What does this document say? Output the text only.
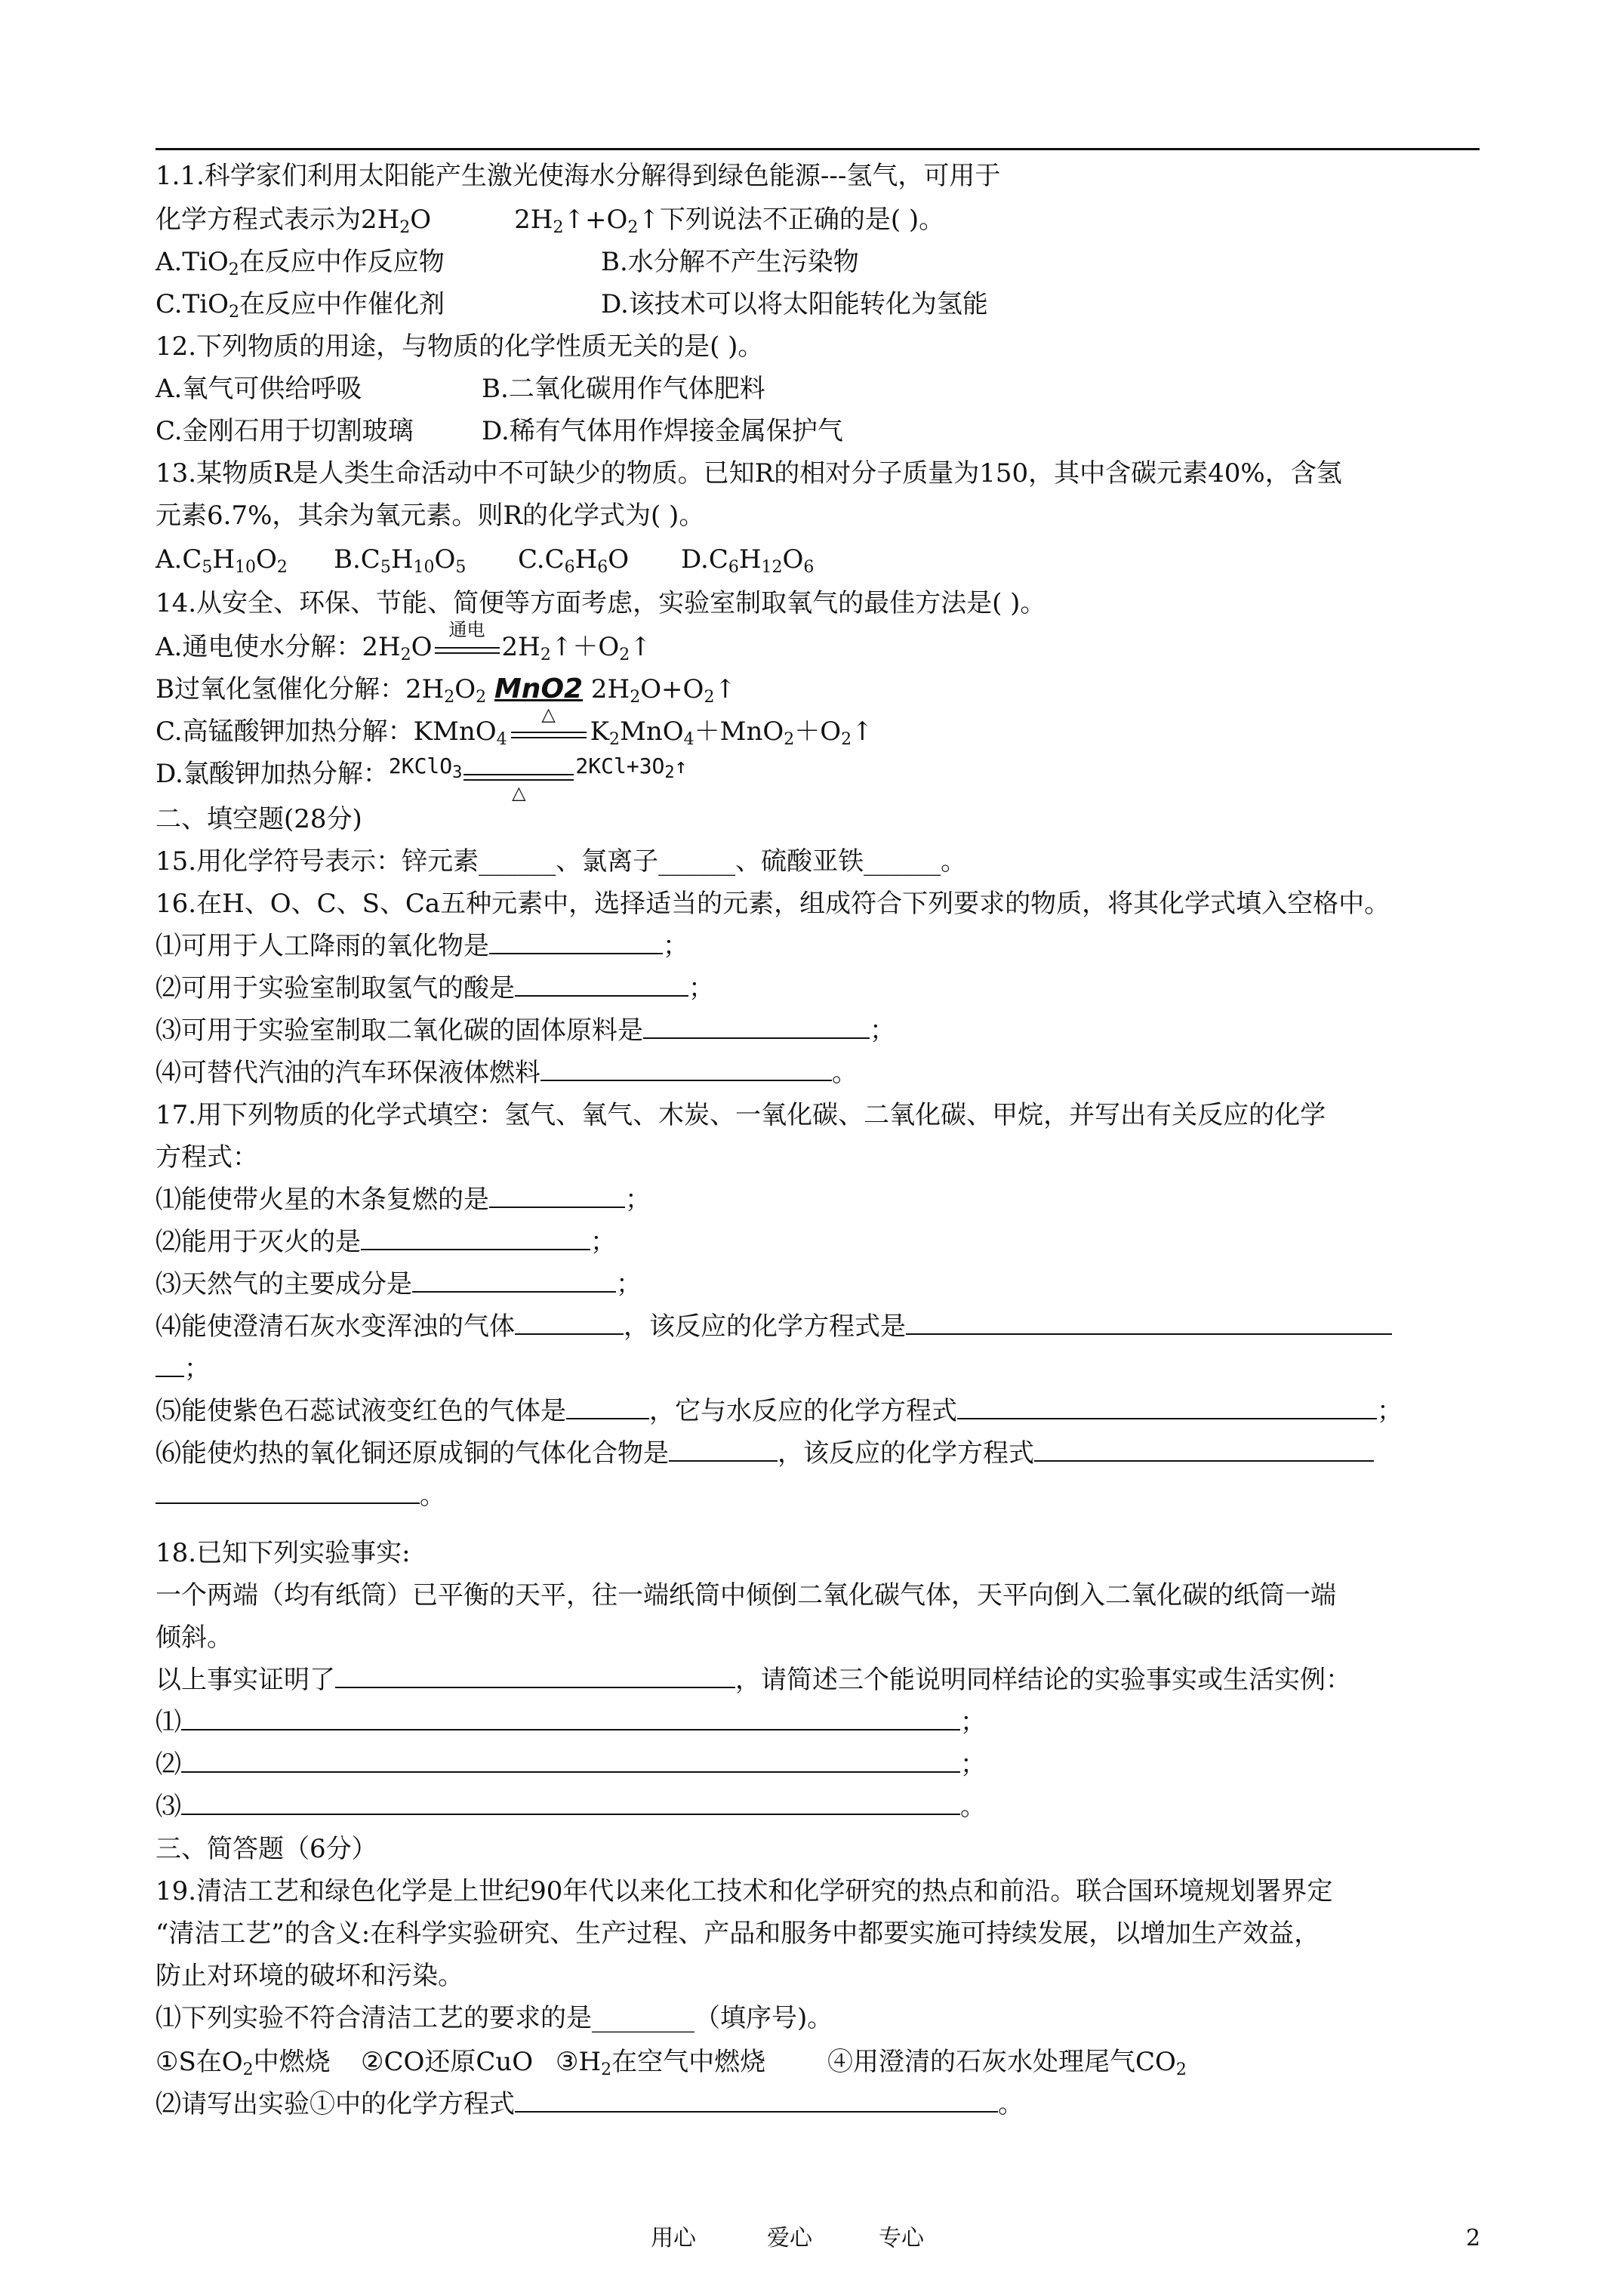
1.1.科学家们利用太阳能产生激光使海水分解得到绿色能源---氢气，可用于
化学方程式表示为$2H_2O$	$2H_2↑+O_2↑$下列说法不正确的是( )。
A.TiO$_2$在反应中作反应物	B.水分解不产生污染物
C.TiO$_2$在反应中作催化剂	D.该技术可以将太阳能转化为氢能
12.下列物质的用途，与物质的化学性质无关的是( )。
A.氧气可供给呼吸	B.二氧化碳用作气体肥料
C.金刚石用于切割玻璃	D.稀有气体用作焊接金属保护气
13.某物质R是人类生命活动中不可缺少的物质。已知R的相对分子质量为150，其中含碳元素40%，含氢
元素6.7%，其余为氧元素。则R的化学式为( )。
$A.C_5H_{10}O_2$ $B.C_5H_{10}O_5$ $C.C_6H_6O$ $D.C_6H_{12}O_6$
14.从安全、环保、节能、简便等方面考虑，实验室制取氧气的最佳方法是( )。
A.通电使水分解：$2H_2O$
通电
$2H_2↑+O_2↑$
B过氧化氢催化分解：$2H_2O_2$ MnO2 $2H_2O+O_2↑$
C.高锰酸钾加热分解：KMnO$_4$
△
$K_2MnO_4+MnO_2+O_2↑$
D.氯酸钾加热分解：$^{2KClO_3}$
△
$^{2KCl+3O_2↑}$
二、填空题(28分)
15.用化学符号表示：锌元素______、氯离子______、硫酸亚铁______。
16.在H、O、C、S、Ca五种元素中，选择适当的元素，组成符合下列要求的物质，将其化学式填入空格中。
⑴可用于人工降雨的氧化物是	；
⑵可用于实验室制取氢气的酸是	；
⑶可用于实验室制取二氧化碳的固体原料是	；
⑷可替代汽油的汽车环保液体燃料	。
17.用下列物质的化学式填空：氢气、氧气、木炭、一氧化碳、二氧化碳、甲烷，并写出有关反应的化学
方程式：
⑴能使带火星的木条复燃的是	；
⑵能用于灭火的是	；
⑶天然气的主要成分是	；
⑷能使澄清石灰水变浑浊的气体	，该反应的化学方程式是
；
⑸能使紫色石蕊试液变红色的气体是	，它与水反应的化学方程式	；
⑹能使灼热的氧化铜还原成铜的气体化合物是	，该反应的化学方程式
。
18.已知下列实验事实:
一个两端（均有纸筒）已平衡的天平，往一端纸筒中倾倒二氧化碳气体，天平向倒入二氧化碳的纸筒一端
倾斜。
以上事实证明了	，请简述三个能说明同样结论的实验事实或生活实例：
⑴	；
⑵	；
⑶	。
三、简答题（6分）
19.清洁工艺和绿色化学是上世纪90年代以来化工技术和化学研究的热点和前沿。联合国环境规划署界定
“清洁工艺”的含义:在科学实验研究、生产过程、产品和服务中都要实施可持续发展，以增加生产效益，
防止对环境的破坏和污染。
⑴下列实验不符合清洁工艺的要求的是________（填序号)。
①S在$O_2$中燃烧 ②CO还原CuO $③H_2$在空气中燃烧 ④用澄清的石灰水处理尾气$CO_2$
⑵请写出实验①中的化学方程式	。
用心	爱心	专心	2
